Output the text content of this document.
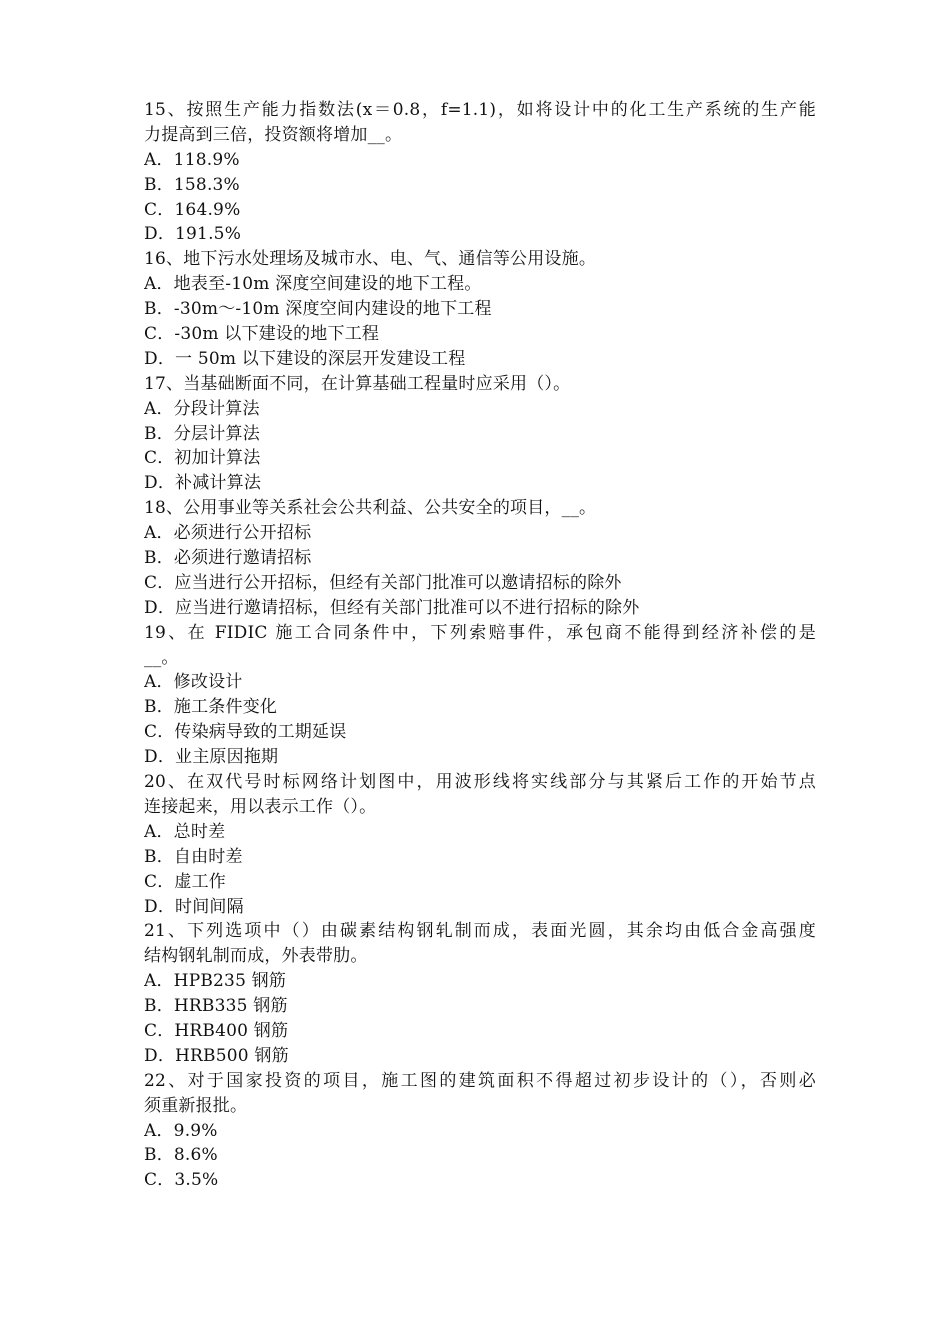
15、按照生产能力指数法(x＝0.8，f=1.1)，如将设计中的化工生产系统的生产能
力提高到三倍，投资额将增加__。
A．118.9%
B．158.3%
C．164.9%
D．191.5%
16、地下污水处理场及城市水、电、气、通信等公用设施。
A．地表至-10m 深度空间建设的地下工程。
B．-30m～-10m 深度空间内建设的地下工程
C．-30m 以下建设的地下工程
D．一 50m 以下建设的深层开发建设工程
17、当基础断面不同，在计算基础工程量时应采用（）。
A．分段计算法
B．分层计算法
C．初加计算法
D．补减计算法
18、公用事业等关系社会公共利益、公共安全的项目，__。
A．必须进行公开招标
B．必须进行邀请招标
C．应当进行公开招标，但经有关部门批准可以邀请招标的除外
D．应当进行邀请招标，但经有关部门批准可以不进行招标的除外
19、在 FIDIC 施工合同条件中，下列索赔事件，承包商不能得到经济补偿的是
__。
A．修改设计
B．施工条件变化
C．传染病导致的工期延误
D．业主原因拖期
20、在双代号时标网络计划图中，用波形线将实线部分与其紧后工作的开始节点
连接起来，用以表示工作（）。
A．总时差
B．自由时差
C．虚工作
D．时间间隔
21、下列选项中（）由碳素结构钢轧制而成，表面光圆，其余均由低合金高强度
结构钢轧制而成，外表带肋。
A．HPB235 钢筋
B．HRB335 钢筋
C．HRB400 钢筋
D．HRB500 钢筋
22、对于国家投资的项目，施工图的建筑面积不得超过初步设计的（），否则必
须重新报批。
A．9.9%
B．8.6%
C．3.5%
